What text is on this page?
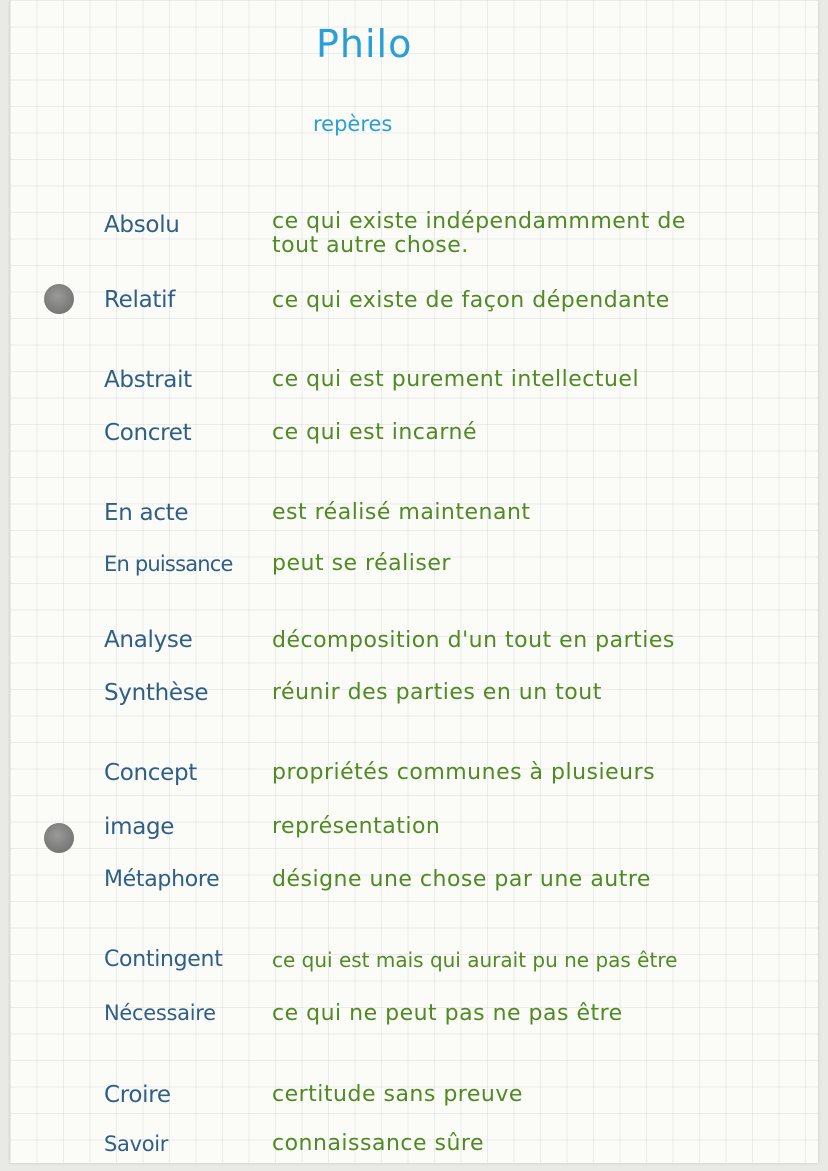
Philo
repères
Absolu	ce qui existe indépendammment de
tout autre chose.
Relatif	ce qui existe de façon dépendante
Abstrait	ce qui est purement intellectuel
Concret	ce qui est incarné
En acte	est réalisé maintenant
En puissance peut se réaliser
Analyse	décomposition d'un tout en parties
Synthèse	réunir des parties en un tout
Concept	propriétés communes à plusieurs
image	représentation
Métaphore désigne une chose par une autre
Contingent ce qui est mais qui aurait pu ne pas être
Nécessaire	ce qui ne peut pas ne pas être
Croire	certitude sans preuve
Savoir	connaissance sûre
